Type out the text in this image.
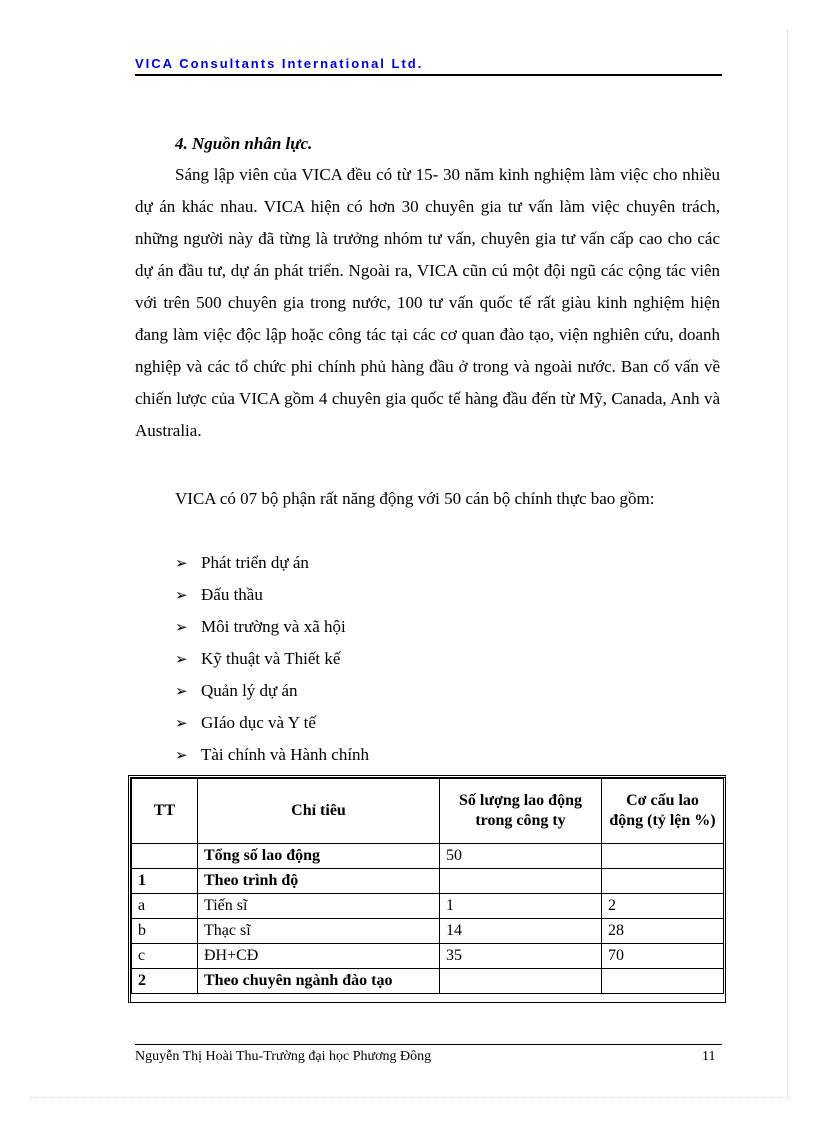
VICA Consultants International Ltd.
4. Nguồn nhân lực.

Sáng lập viên của VICA đều có từ 15- 30 năm kinh nghiệm làm việc cho nhiều dự án khác nhau. VICA hiện có hơn 30 chuyên gia tư vấn làm việc chuyên trách, những người này đã từng là trưởng nhóm tư vấn, chuyên gia tư vấn cấp cao cho các dự án đầu tư, dự án phát triển. Ngoài ra, VICA cũn cú một đội ngũ các cộng tác viên với trên 500 chuyên gia trong nước, 100 tư vấn quốc tế rất giàu kinh nghiệm hiện đang làm việc độc lập hoặc công tác tại các cơ quan đào tạo, viện nghiên cứu, doanh nghiệp và các tổ chức phi chính phủ hàng đầu ở trong và ngoài nước. Ban cố vấn về chiến lược của VICA gồm 4 chuyên gia quốc tế hàng đầu đến từ Mỹ, Canada, Anh và Australia.

VICA có 07 bộ phận rất năng động với 50 cán bộ chính thực bao gồm:

➢ Phát triển dự án
➢ Đấu thầu
➢ Môi trường và xã hội
➢ Kỹ thuật và Thiết kế
➢ Quản lý dự án
➢ GIáo dục và Y tế
➢ Tài chính và Hành chính
TT	Chỉ tiêu	Số lượng lao động trong công ty	Cơ cấu lao động (tỷ lện %)
	Tổng số lao động	50	
1	Theo trình độ		
a	Tiến sĩ	1	2
b	Thạc sĩ	14	28
c	ĐH+CĐ	35	70
2	Theo chuyên ngành đào tạo		
Nguyễn Thị Hoài Thu-Trường đại học Phương Đông	11
